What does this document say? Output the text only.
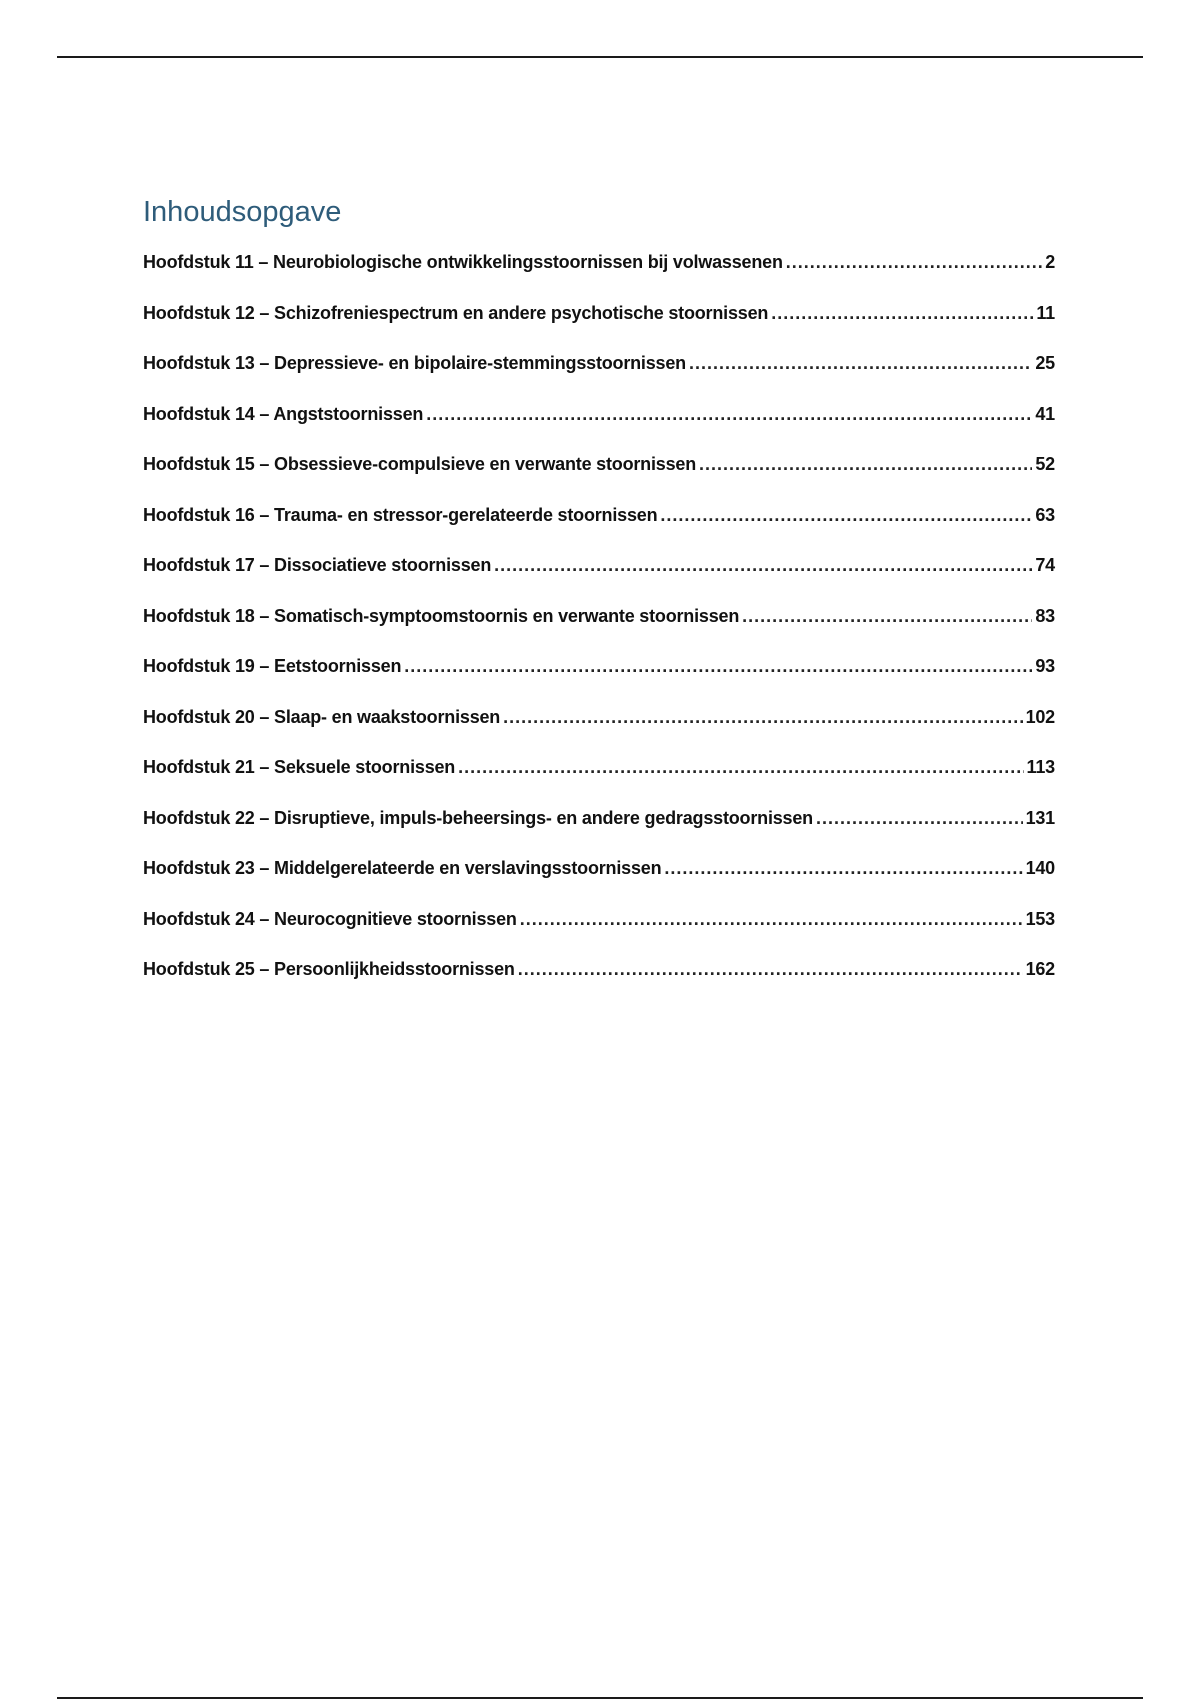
Inhoudsopgave
Hoofdstuk 11 – Neurobiologische ontwikkelingsstoornissen bij volwassenen .....	2
Hoofdstuk 12 – Schizofreniespectrum en andere psychotische stoornissen .....	11
Hoofdstuk 13 – Depressieve- en bipolaire-stemmingsstoornissen .....	25
Hoofdstuk 14 – Angststoornissen .....	41
Hoofdstuk 15 – Obsessieve-compulsieve en verwante stoornissen .....	52
Hoofdstuk 16 – Trauma- en stressor-gerelateerde stoornissen .....	63
Hoofdstuk 17 – Dissociatieve stoornissen .....	74
Hoofdstuk 18 – Somatisch-symptoomstoornis en verwante stoornissen .....	83
Hoofdstuk 19 – Eetstoornissen .....	93
Hoofdstuk 20 – Slaap- en waakstoornissen .....	102
Hoofdstuk 21 – Seksuele stoornissen .....	113
Hoofdstuk 22 – Disruptieve, impuls-beheersings- en andere gedragsstoornissen .....	131
Hoofdstuk 23 – Middelgerelateerde en verslavingsstoornissen .....	140
Hoofdstuk 24 – Neurocognitieve stoornissen .....	153
Hoofdstuk 25 – Persoonlijkheidsstoornissen .....	162
